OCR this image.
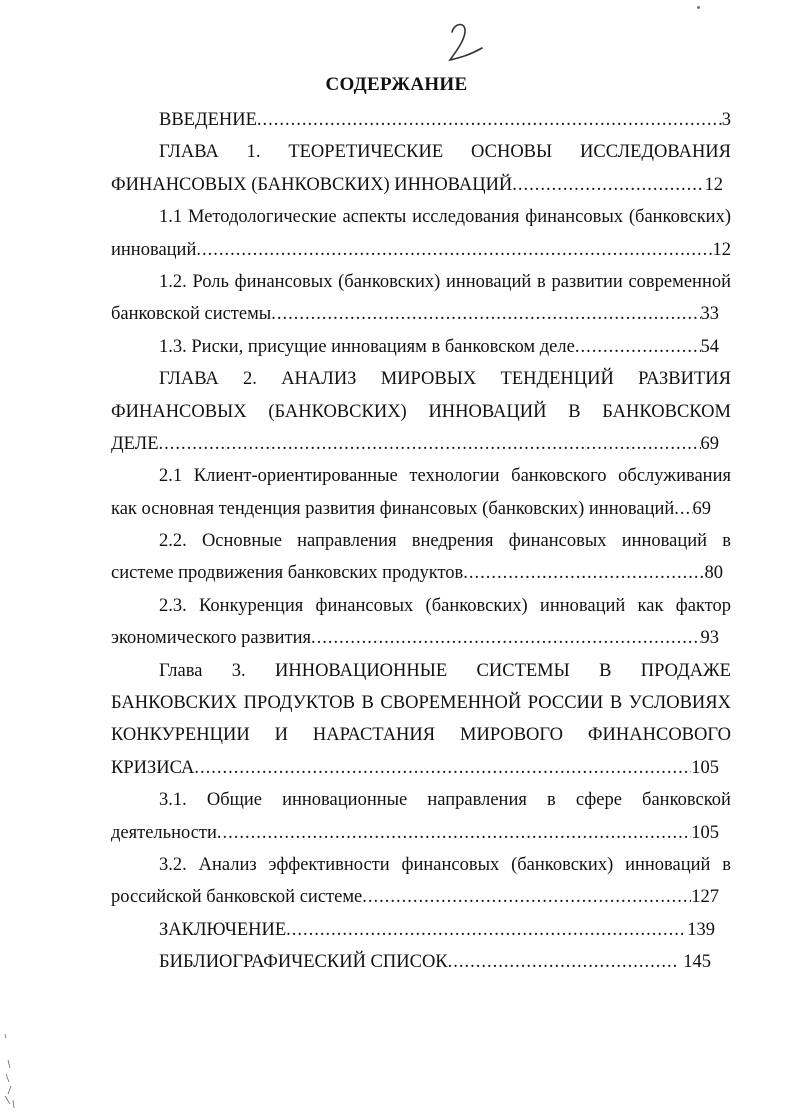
СОДЕРЖАНИЕ
ВВЕДЕНИЕ .....	3
ГЛАВА 1. ТЕОРЕТИЧЕСКИЕ ОСНОВЫ ИССЛЕДОВАНИЯ
ФИНАНСОВЫХ (БАНКОВСКИХ) ИННОВАЦИЙ .....	12
1.1 Методологические аспекты исследования финансовых (банковских)
инноваций .....	12
1.2. Роль финансовых (банковских) инноваций в развитии современной
банковской системы .....	33
1.3. Риски, присущие инновациям в банковском деле .....	54
ГЛАВА 2. АНАЛИЗ МИРОВЫХ ТЕНДЕНЦИЙ РАЗВИТИЯ
ФИНАНСОВЫХ (БАНКОВСКИХ) ИННОВАЦИЙ В БАНКОВСКОМ
ДЕЛЕ .....	69
2.1 Клиент-ориентированные технологии банковского обслуживания
как основная тенденция развития финансовых (банковских) инноваций ..... 69
2.2. Основные направления внедрения финансовых инноваций в
системе продвижения банковских продуктов .....	80
2.3. Конкуренция финансовых (банковских) инноваций как фактор
экономического развития .....	93
Глава 3. ИННОВАЦИОННЫЕ СИСТЕМЫ В ПРОДАЖЕ
БАНКОВСКИХ ПРОДУКТОВ В СВОРЕМЕННОЙ РОССИИ В УСЛОВИЯХ
КОНКУРЕНЦИИ И НАРАСТАНИЯ МИРОВОГО ФИНАНСОВОГО
КРИЗИСА .....	105
3.1. Общие инновационные направления в сфере банковской
деятельности .....	105
3.2. Анализ эффективности финансовых (банковских) инноваций в
российской банковской системе .....	127
ЗАКЛЮЧЕНИЕ .....	139
БИБЛИОГРАФИЧЕСКИЙ СПИСОК .....	145
